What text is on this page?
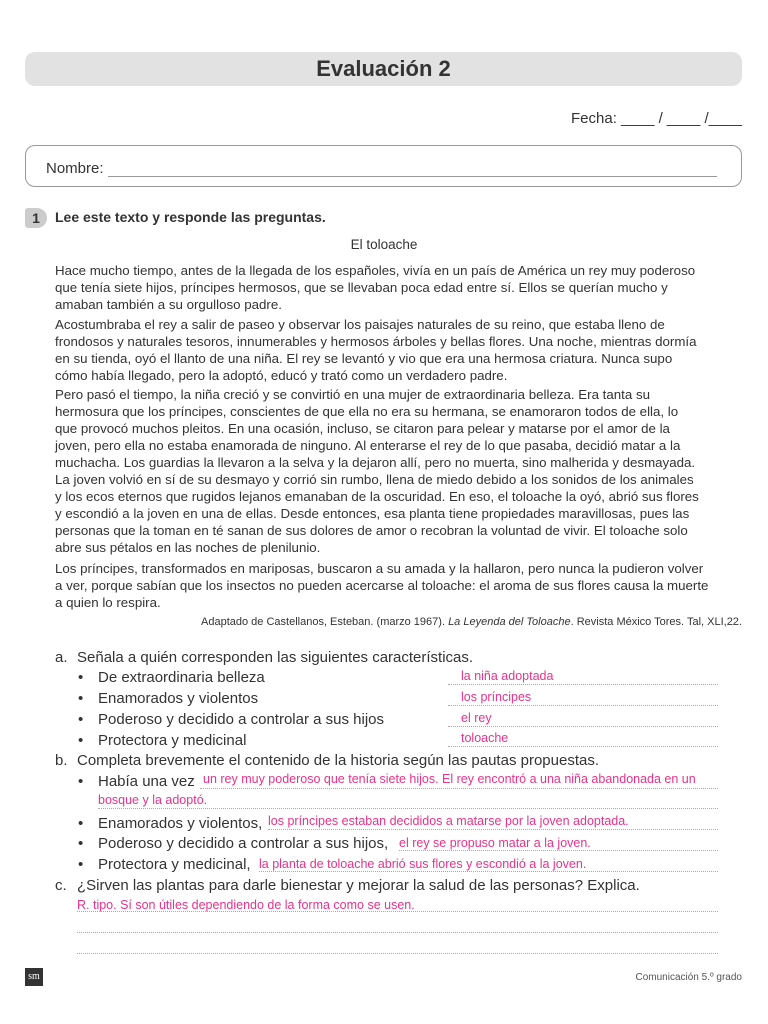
Evaluación 2
Fecha: ____ / ____ /____
Nombre:
1	Lee este texto y responde las preguntas.
El toloache
Hace mucho tiempo, antes de la llegada de los españoles, vivía en un país de América un rey muy poderoso
que tenía siete hijos, príncipes hermosos, que se llevaban poca edad entre sí. Ellos se querían mucho y
amaban también a su orgulloso padre.
Acostumbraba el rey a salir de paseo y observar los paisajes naturales de su reino, que estaba lleno de
frondosos y naturales tesoros, innumerables y hermosos árboles y bellas flores. Una noche, mientras dormía
en su tienda, oyó el llanto de una niña. El rey se levantó y vio que era una hermosa criatura. Nunca supo
cómo había llegado, pero la adoptó, educó y trató como un verdadero padre.
Pero pasó el tiempo, la niña creció y se convirtió en una mujer de extraordinaria belleza. Era tanta su
hermosura que los príncipes, conscientes de que ella no era su hermana, se enamoraron todos de ella, lo
que provocó muchos pleitos. En una ocasión, incluso, se citaron para pelear y matarse por el amor de la
joven, pero ella no estaba enamorada de ninguno. Al enterarse el rey de lo que pasaba, decidió matar a la
muchacha. Los guardias la llevaron a la selva y la dejaron allí, pero no muerta, sino malherida y desmayada.
La joven volvió en sí de su desmayo y corrió sin rumbo, llena de miedo debido a los sonidos de los animales
y los ecos eternos que rugidos lejanos emanaban de la oscuridad. En eso, el toloache la oyó, abrió sus flores
y escondió a la joven en una de ellas. Desde entonces, esa planta tiene propiedades maravillosas, pues las
personas que la toman en té sanan de sus dolores de amor o recobran la voluntad de vivir. El toloache solo
abre sus pétalos en las noches de plenilunio.
Los príncipes, transformados en mariposas, buscaron a su amada y la hallaron, pero nunca la pudieron volver
a ver, porque sabían que los insectos no pueden acercarse al toloache: el aroma de sus flores causa la muerte
a quien lo respira.
Adaptado de Castellanos, Esteban. (marzo 1967). La Leyenda del Toloache. Revista México Tores. Tal, XLI,22.
a. Señala a quién corresponden las siguientes características.
• De extraordinaria belleza
• Enamorados y violentos
• Poderoso y decidido a controlar a sus hijos
• Protectora y medicinal
la niña adoptada
los príncipes
el rey
toloache
b. Completa brevemente el contenido de la historia según las pautas propuestas.
• Había una vez un rey muy poderoso que tenía siete hijos. El rey encontró a una niña abandonada en un
bosque y la adoptó.
• Enamorados y violentos, los príncipes estaban decididos a matarse por la joven adoptada.
• Poderoso y decidido a controlar a sus hijos, el rey se propuso matar a la joven.
• Protectora y medicinal, la planta de toloache abrió sus flores y escondió a la joven.
c. ¿Sirven las plantas para darle bienestar y mejorar la salud de las personas? Explica.
R. tipo. Sí son útiles dependiendo de la forma como se usen.
sm	Comunicación 5.º grado
